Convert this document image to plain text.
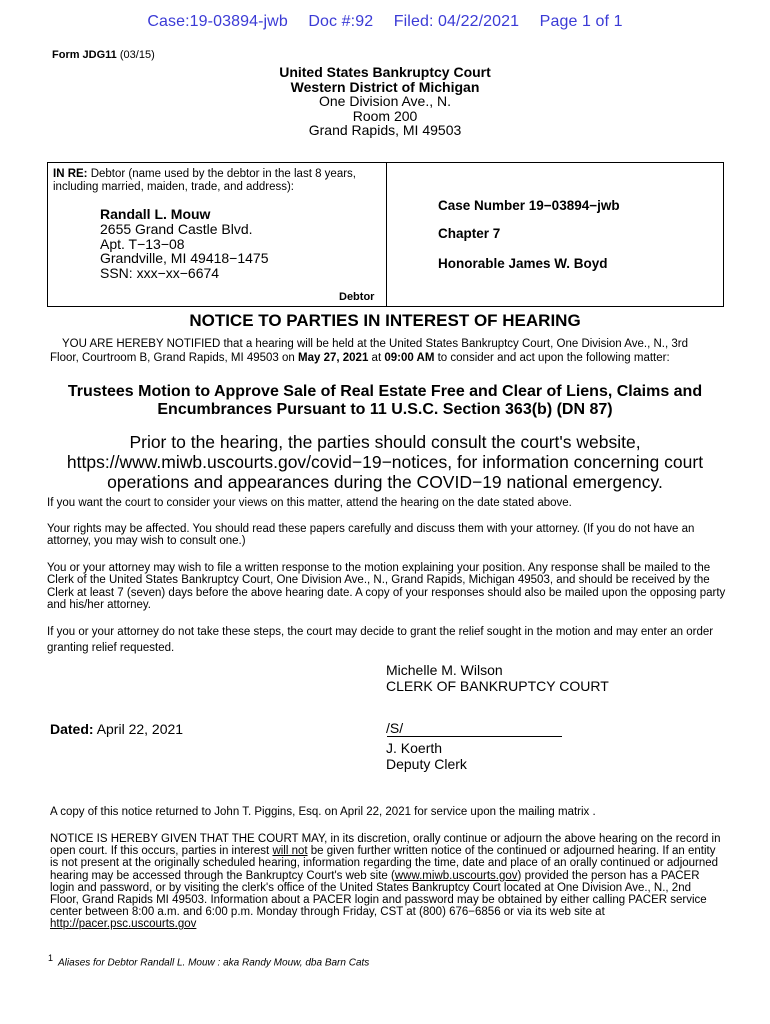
Case:19-03894-jwb Doc #:92 Filed: 04/22/2021 Page 1 of 1
Form JDG11 (03/15)
United States Bankruptcy Court
Western District of Michigan
One Division Ave., N.
Room 200
Grand Rapids, MI 49503
IN RE: Debtor (name used by the debtor in the last 8 years, including married, maiden, trade, and address):
Randall L. Mouw
2655 Grand Castle Blvd.
Apt. T−13−08
Grandville, MI 49418−1475
SSN: xxx−xx−6674
Debtor
Case Number 19−03894−jwb
Chapter 7
Honorable James W. Boyd
NOTICE TO PARTIES IN INTEREST OF HEARING
YOU ARE HEREBY NOTIFIED that a hearing will be held at the United States Bankruptcy Court, One Division Ave., N., 3rd Floor, Courtroom B, Grand Rapids, MI 49503 on May 27, 2021 at 09:00 AM to consider and act upon the following matter:
Trustees Motion to Approve Sale of Real Estate Free and Clear of Liens, Claims and Encumbrances Pursuant to 11 U.S.C. Section 363(b) (DN 87)
Prior to the hearing, the parties should consult the court's website, https://www.miwb.uscourts.gov/covid−19−notices, for information concerning court operations and appearances during the COVID−19 national emergency.
If you want the court to consider your views on this matter, attend the hearing on the date stated above.
Your rights may be affected. You should read these papers carefully and discuss them with your attorney. (If you do not have an attorney, you may wish to consult one.)
You or your attorney may wish to file a written response to the motion explaining your position. Any response shall be mailed to the Clerk of the United States Bankruptcy Court, One Division Ave., N., Grand Rapids, Michigan 49503, and should be received by the Clerk at least 7 (seven) days before the above hearing date. A copy of your responses should also be mailed upon the opposing party and his/her attorney.
If you or your attorney do not take these steps, the court may decide to grant the relief sought in the motion and may enter an order granting relief requested.
Michelle M. Wilson
CLERK OF BANKRUPTCY COURT
Dated: April 22, 2021	/S/
J. Koerth
Deputy Clerk
A copy of this notice returned to John T. Piggins, Esq. on April 22, 2021 for service upon the mailing matrix .
NOTICE IS HEREBY GIVEN THAT THE COURT MAY, in its discretion, orally continue or adjourn the above hearing on the record in open court. If this occurs, parties in interest will not be given further written notice of the continued or adjourned hearing. If an entity is not present at the originally scheduled hearing, information regarding the time, date and place of an orally continued or adjourned hearing may be accessed through the Bankruptcy Court's web site (www.miwb.uscourts.gov) provided the person has a PACER login and password, or by visiting the clerk's office of the United States Bankruptcy Court located at One Division Ave., N., 2nd Floor, Grand Rapids MI 49503. Information about a PACER login and password may be obtained by either calling PACER service center between 8:00 a.m. and 6:00 p.m. Monday through Friday, CST at (800) 676−6856 or via its web site at http://pacer.psc.uscourts.gov
$^1$ Aliases for Debtor Randall L. Mouw : aka Randy Mouw, dba Barn Cats
